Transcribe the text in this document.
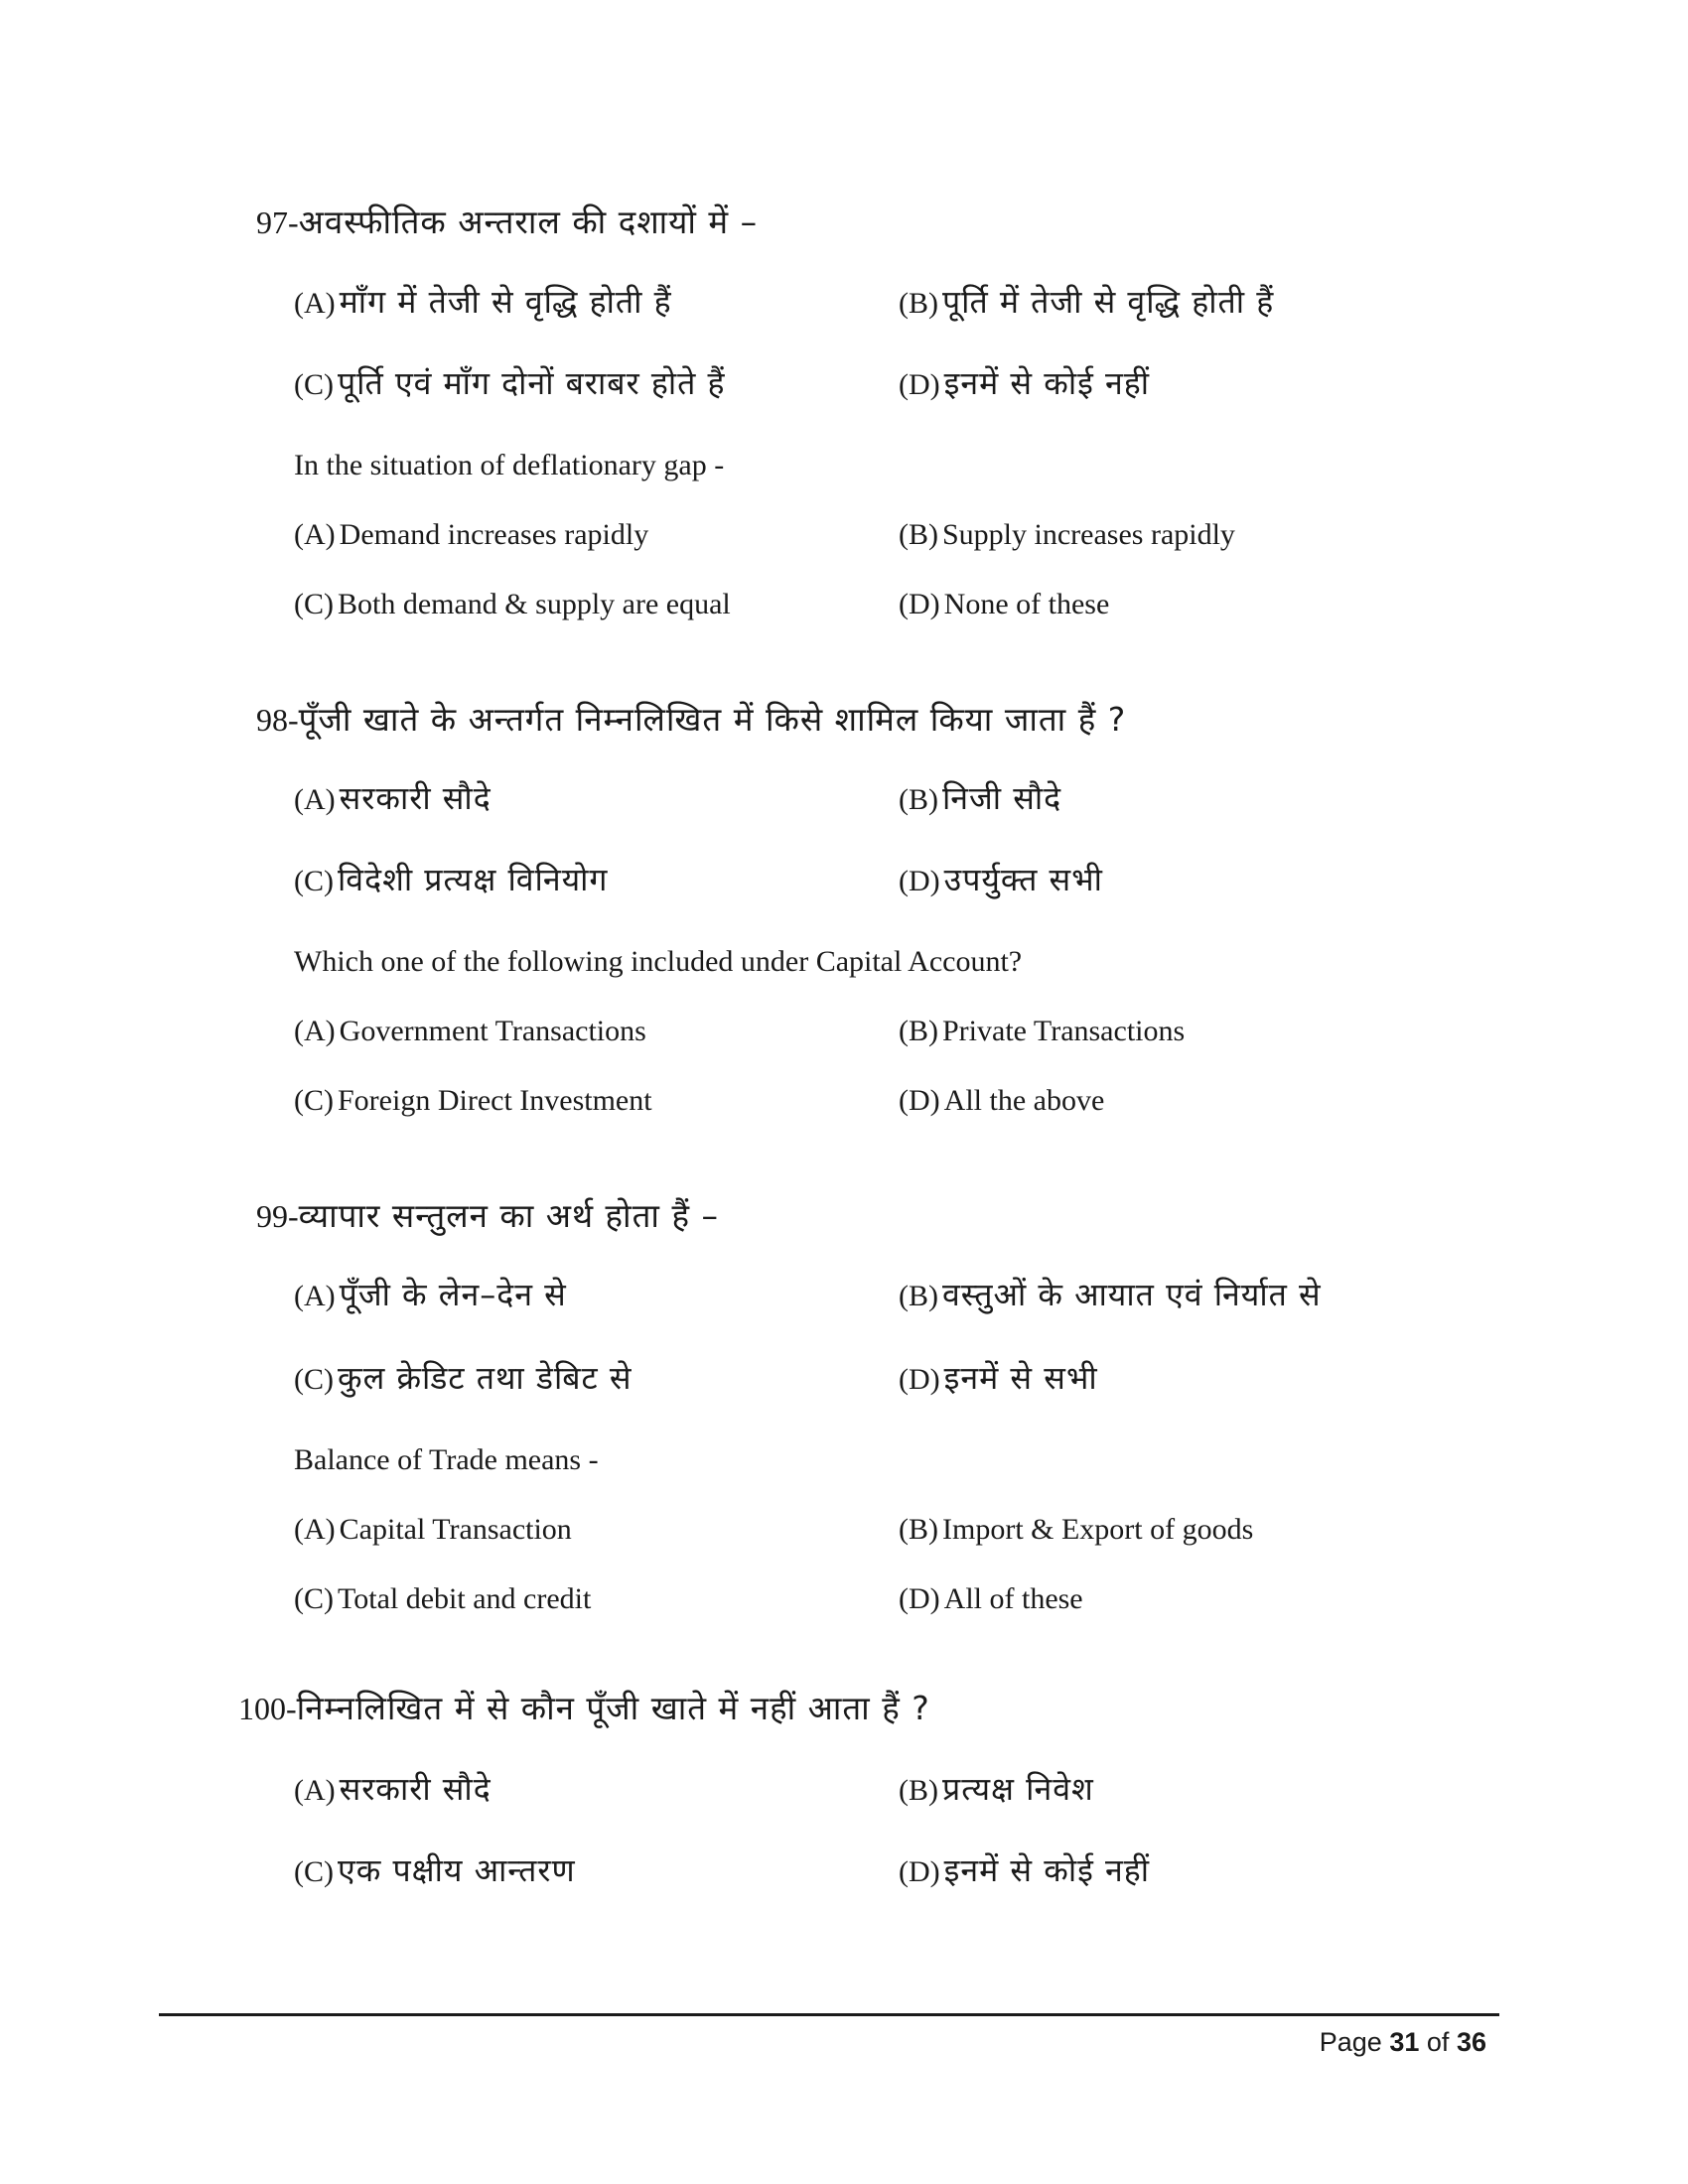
97-अवस्फीतिक अन्तराल की दशायों में –
(A) माँग में तेजी से वृद्धि होती हैं	(B) पूर्ति में तेजी से वृद्धि होती हैं
(C) पूर्ति एवं माँग दोनों बराबर होते हैं	(D) इनमें से कोई नहीं
In the situation of deflationary gap -
(A) Demand increases rapidly	(B) Supply increases rapidly
(C) Both demand & supply are equal	(D) None of these
98-पूँजी खाते के अन्तर्गत निम्नलिखित में किसे शामिल किया जाता हैं ?
(A) सरकारी सौदे	(B) निजी सौदे
(C) विदेशी प्रत्यक्ष विनियोग	(D) उपर्युक्त सभी
Which one of the following included under Capital Account?
(A) Government Transactions	(B) Private Transactions
(C) Foreign Direct Investment	(D) All the above
99-व्यापार सन्तुलन का अर्थ होता हैं –
(A) पूँजी के लेन–देन से	(B) वस्तुओं के आयात एवं निर्यात से
(C) कुल क्रेडिट तथा डेबिट से	(D) इनमें से सभी
Balance of Trade means -
(A) Capital Transaction	(B) Import & Export of goods
(C) Total debit and credit	(D) All of these
100-निम्नलिखित में से कौन पूँजी खाते में नहीं आता हैं ?
(A) सरकारी सौदे	(B) प्रत्यक्ष निवेश
(C) एक पक्षीय आन्तरण	(D) इनमें से कोई नहीं
Page 31 of 36
